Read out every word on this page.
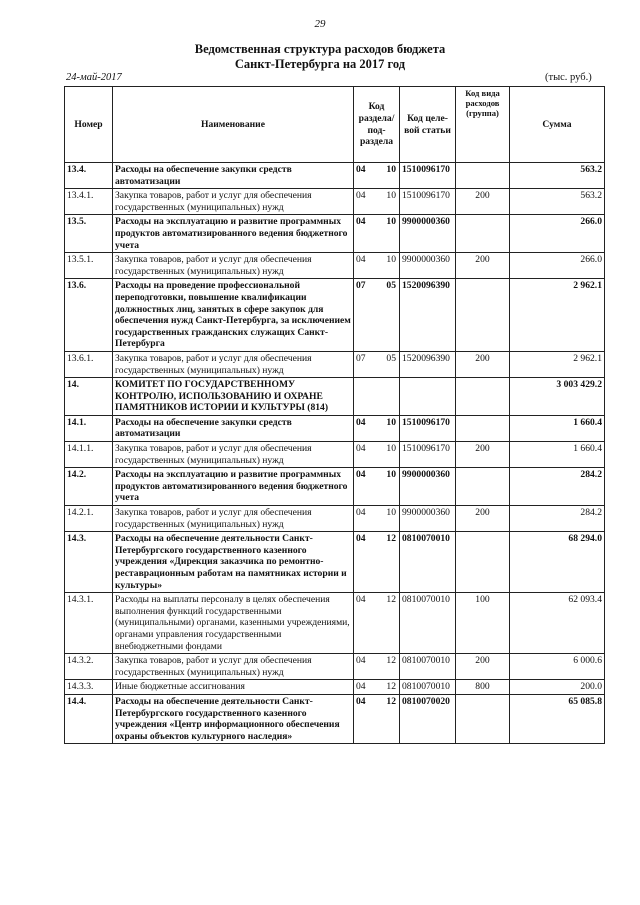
29
Ведомственная структура расходов бюджета
Санкт-Петербурга на 2017 год
24-май-2017	(тыс. руб.)
Номер	Наименование	Код раздела/ под- раздела	Код целе- вой статьи	Код вида расходов (группа)	Сумма
13.4.	Расходы на обеспечение закупки средств автоматизации	04 10	1510096170		563.2
13.4.1.	Закупка товаров, работ и услуг для обеспечения государственных (муниципальных) нужд	04 10	1510096170	200	563.2
13.5.	Расходы на эксплуатацию и развитие программных продуктов автоматизированного ведения бюджетного учета	04 10	9900000360		266.0
13.5.1.	Закупка товаров, работ и услуг для обеспечения государственных (муниципальных) нужд	04 10	9900000360	200	266.0
13.6.	Расходы на проведение профессиональной переподготовки, повышение квалификации должностных лиц, занятых в сфере закупок для обеспечения нужд Санкт-Петербурга, за исключением государственных гражданских служащих Санкт-Петербурга	07 05	1520096390		2 962.1
13.6.1.	Закупка товаров, работ и услуг для обеспечения государственных (муниципальных) нужд	07 05	1520096390	200	2 962.1
14.	КОМИТЕТ ПО ГОСУДАРСТВЕННОМУ КОНТРОЛЮ, ИСПОЛЬЗОВАНИЮ И ОХРАНЕ ПАМЯТНИКОВ ИСТОРИИ И КУЛЬТУРЫ (814)				3 003 429.2
14.1.	Расходы на обеспечение закупки средств автоматизации	04 10	1510096170		1 660.4
14.1.1.	Закупка товаров, работ и услуг для обеспечения государственных (муниципальных) нужд	04 10	1510096170	200	1 660.4
14.2.	Расходы на эксплуатацию и развитие программных продуктов автоматизированного ведения бюджетного учета	04 10	9900000360		284.2
14.2.1.	Закупка товаров, работ и услуг для обеспечения государственных (муниципальных) нужд	04 10	9900000360	200	284.2
14.3.	Расходы на обеспечение деятельности Санкт-Петербургского государственного казенного учреждения «Дирекция заказчика по ремонтно-реставрационным работам на памятниках истории и культуры»	04 12	0810070010		68 294.0
14.3.1.	Расходы на выплаты персоналу в целях обеспечения выполнения функций государственными (муниципальными) органами, казенными учреждениями, органами управления государственными внебюджетными фондами	04 12	0810070010	100	62 093.4
14.3.2.	Закупка товаров, работ и услуг для обеспечения государственных (муниципальных) нужд	04 12	0810070010	200	6 000.6
14.3.3.	Иные бюджетные ассигнования	04 12	0810070010	800	200.0
14.4.	Расходы на обеспечение деятельности Санкт-Петербургского государственного казенного учреждения «Центр информационного обеспечения охраны объектов культурного наследия»	04 12	0810070020		65 085.8
